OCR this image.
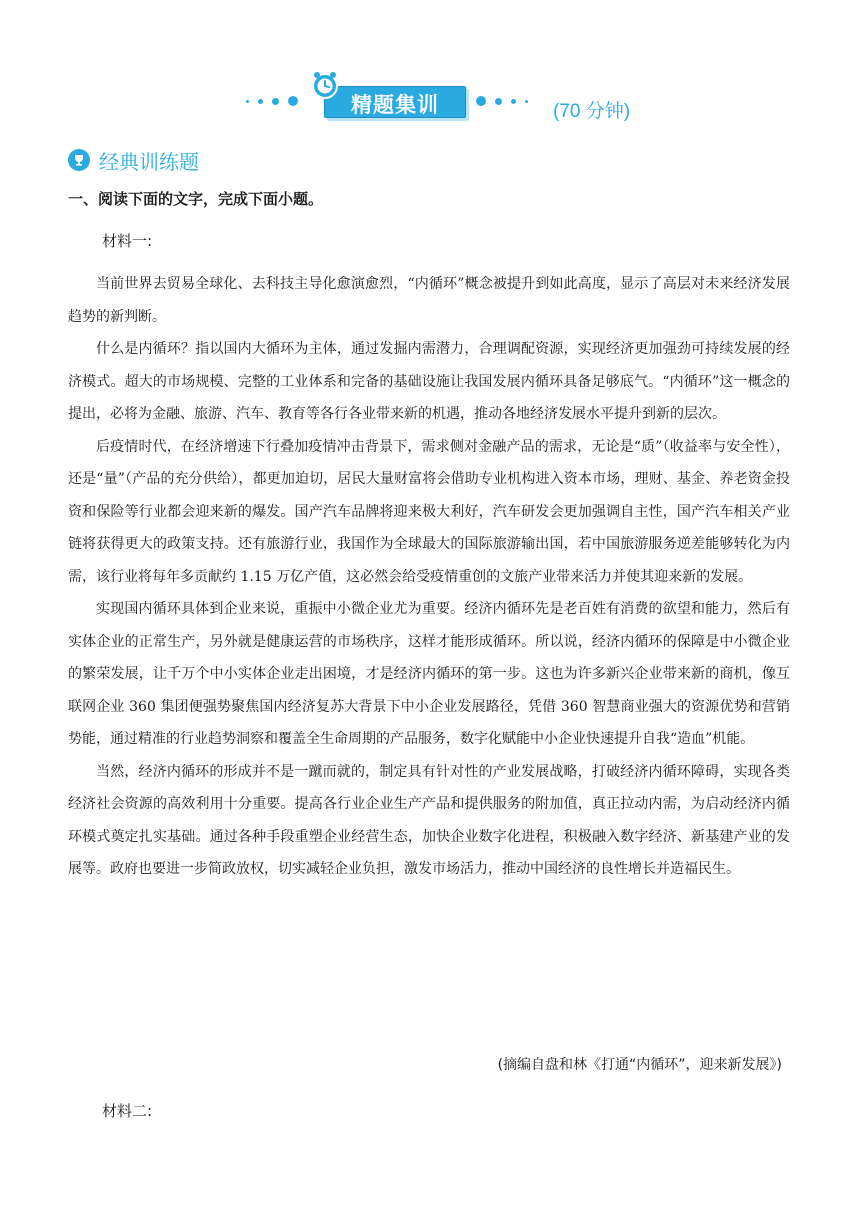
精题集训	(70 分钟)
经典训练题
一、阅读下面的文字，完成下面小题。
材料一:

当前世界去贸易全球化、去科技主导化愈演愈烈，“内循环”概念被提升到如此高度，显示了高层对未来经济发展趋势的新判断。

什么是内循环？指以国内大循环为主体，通过发掘内需潜力，合理调配资源，实现经济更加强劲可持续发展的经济模式。超大的市场规模、完整的工业体系和完备的基础设施让我国发展内循环具备足够底气。“内循环”这一概念的提出，必将为金融、旅游、汽车、教育等各行各业带来新的机遇，推动各地经济发展水平提升到新的层次。

后疫情时代，在经济增速下行叠加疫情冲击背景下，需求侧对金融产品的需求，无论是“质”（收益率与安全性），还是“量”（产品的充分供给），都更加迫切，居民大量财富将会借助专业机构进入资本市场，理财、基金、养老资金投资和保险等行业都会迎来新的爆发。国产汽车品牌将迎来极大利好，汽车研发会更加强调自主性，国产汽车相关产业链将获得更大的政策支持。还有旅游行业，我国作为全球最大的国际旅游输出国，若中国旅游服务逆差能够转化为内需，该行业将每年多贡献约 1.15 万亿产值，这必然会给受疫情重创的文旅产业带来活力并使其迎来新的发展。

实现国内循环具体到企业来说，重振中小微企业尤为重要。经济内循环先是老百姓有消费的欲望和能力，然后有实体企业的正常生产，另外就是健康运营的市场秩序，这样才能形成循环。所以说，经济内循环的保障是中小微企业的繁荣发展，让千万个中小实体企业走出困境，才是经济内循环的第一步。这也为许多新兴企业带来新的商机，像互联网企业 360 集团便强势聚焦国内经济复苏大背景下中小企业发展路径，凭借 360 智慧商业强大的资源优势和营销势能，通过精准的行业趋势洞察和覆盖全生命周期的产品服务，数字化赋能中小企业快速提升自我“造血”机能。

当然，经济内循环的形成并不是一蹴而就的，制定具有针对性的产业发展战略，打破经济内循环障碍，实现各类经济社会资源的高效利用十分重要。提高各行业企业生产产品和提供服务的附加值，真正拉动内需，为启动经济内循环模式奠定扎实基础。通过各种手段重塑企业经营生态，加快企业数字化进程，积极融入数字经济、新基建产业的发展等。政府也要进一步简政放权，切实减轻企业负担，激发市场活力，推动中国经济的良性增长并造福民生。

(摘编自盘和林《打通“内循环”，迎来新发展》)
材料二:
